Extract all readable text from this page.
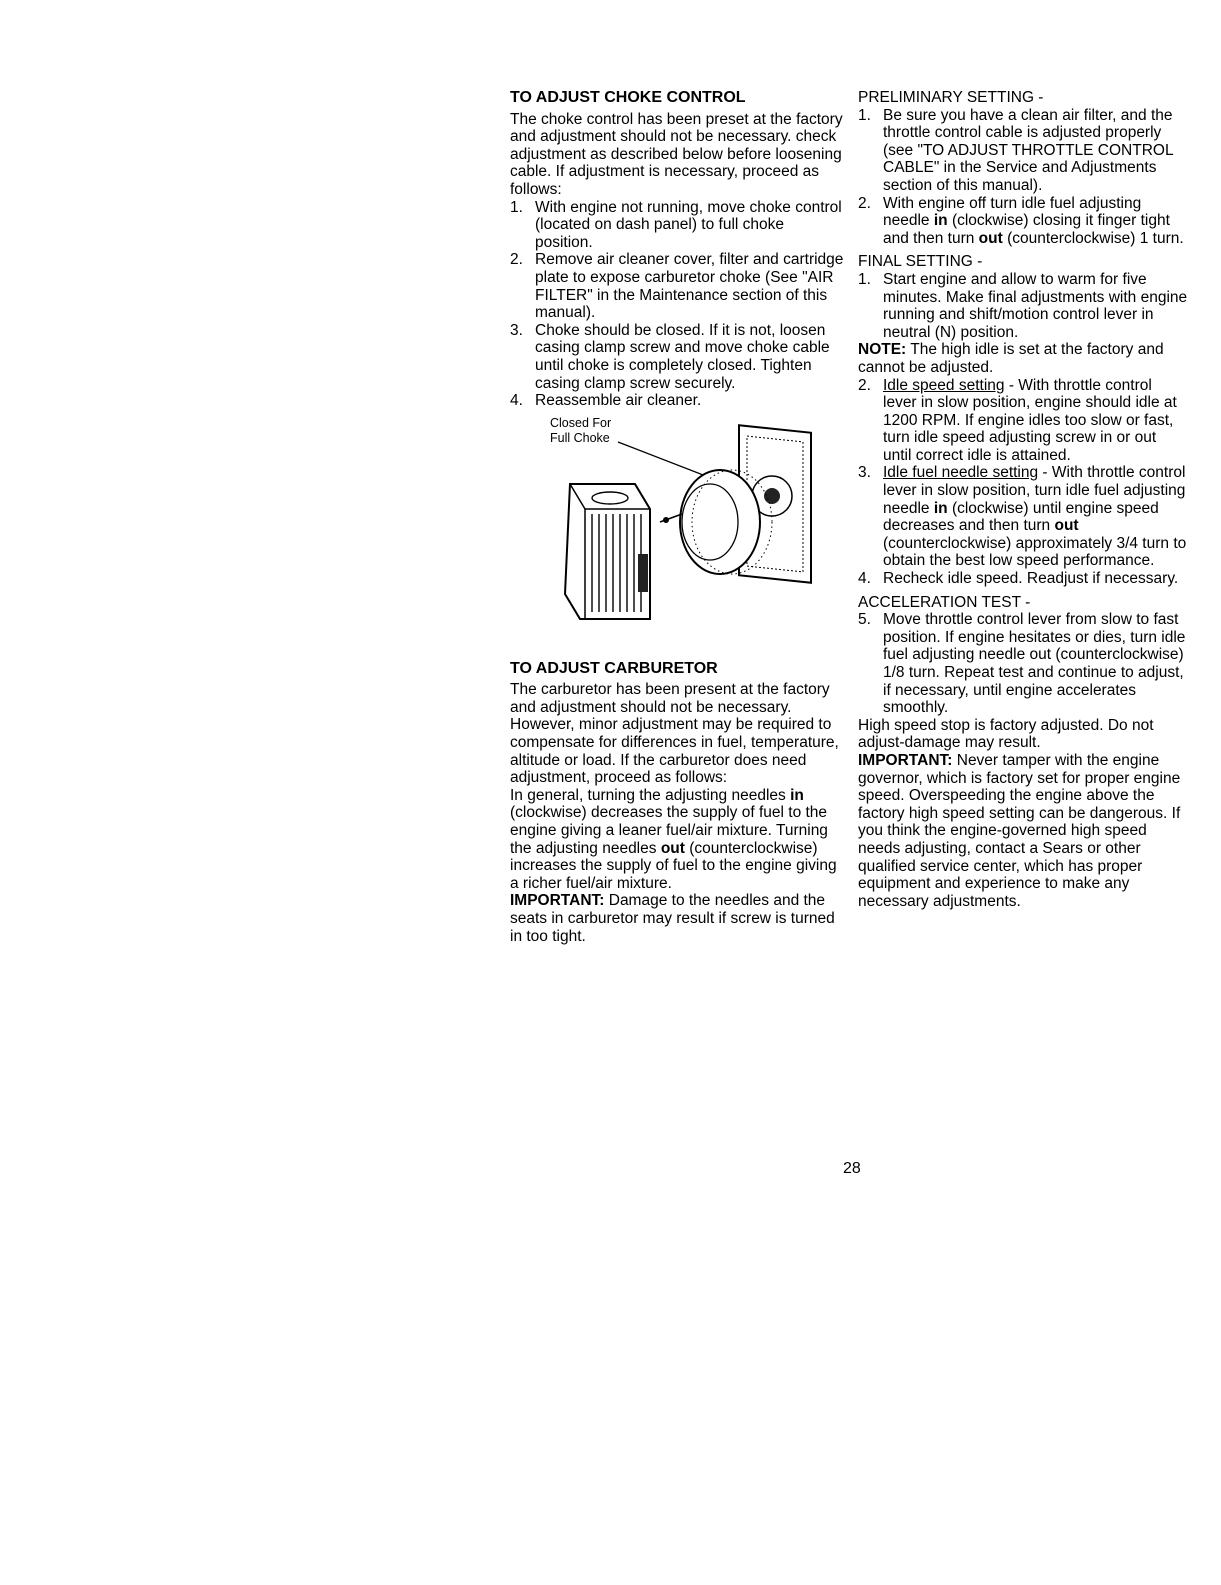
TO ADJUST CHOKE CONTROL

The choke control has been preset at the factory and adjustment should not be necessary. check adjustment as described below before loosening cable. If adjustment is necessary, proceed as follows:

1. With engine not running, move choke control (located on dash panel) to full choke position.
2. Remove air cleaner cover, filter and cartridge plate to expose carburetor choke (See "AIR FILTER" in the Maintenance section of this manual).
3. Choke should be closed. If it is not, loosen casing clamp screw and move choke cable until choke is completely closed. Tighten casing clamp screw securely.
4. Reassemble air cleaner.
Closed For
Full Choke
TO ADJUST CARBURETOR

The carburetor has been present at the factory and adjustment should not be necessary. However, minor adjustment may be required to compensate for differences in fuel, temperature, altitude or load. If the carburetor does need adjustment, proceed as follows:

In general, turning the adjusting needles in (clockwise) decreases the supply of fuel to the engine giving a leaner fuel/air mixture. Turning the adjusting needles out (counterclockwise) increases the supply of fuel to the engine giving a richer fuel/air mixture.

IMPORTANT: Damage to the needles and the seats in carburetor may result if screw is turned in too tight.

PRELIMINARY SETTING -
1. Be sure you have a clean air filter, and the throttle control cable is adjusted properly (see "TO ADJUST THROTTLE CONTROL CABLE" in the Service and Adjustments section of this manual).
2. With engine off turn idle fuel adjusting needle in (clockwise) closing it finger tight and then turn out (counterclockwise) 1 turn.
FINAL SETTING -
1. Start engine and allow to warm for five minutes. Make final adjustments with engine running and shift/motion control lever in neutral (N) position.

NOTE: The high idle is set at the factory and cannot be adjusted.

2. Idle speed setting - With throttle control lever in slow position, engine should idle at 1200 RPM. If engine idles too slow or fast, turn idle speed adjusting screw in or out until correct idle is attained.
3. Idle fuel needle setting - With throttle control lever in slow position, turn idle fuel adjusting needle in (clockwise) until engine speed decreases and then turn out (counterclockwise) approximately 3/4 turn to obtain the best low speed performance.
4. Recheck idle speed. Readjust if necessary.
ACCELERATION TEST -
5. Move throttle control lever from slow to fast position. If engine hesitates or dies, turn idle fuel adjusting needle out (counterclockwise) 1/8 turn. Repeat test and continue to adjust, if necessary, until engine accelerates smoothly.

High speed stop is factory adjusted. Do not adjust-damage may result.

IMPORTANT: Never tamper with the engine governor, which is factory set for proper engine speed. Overspeeding the engine above the factory high speed setting can be dangerous. If you think the engine-governed high speed needs adjusting, contact a Sears or other qualified service center, which has proper equipment and experience to make any necessary adjustments.

28
